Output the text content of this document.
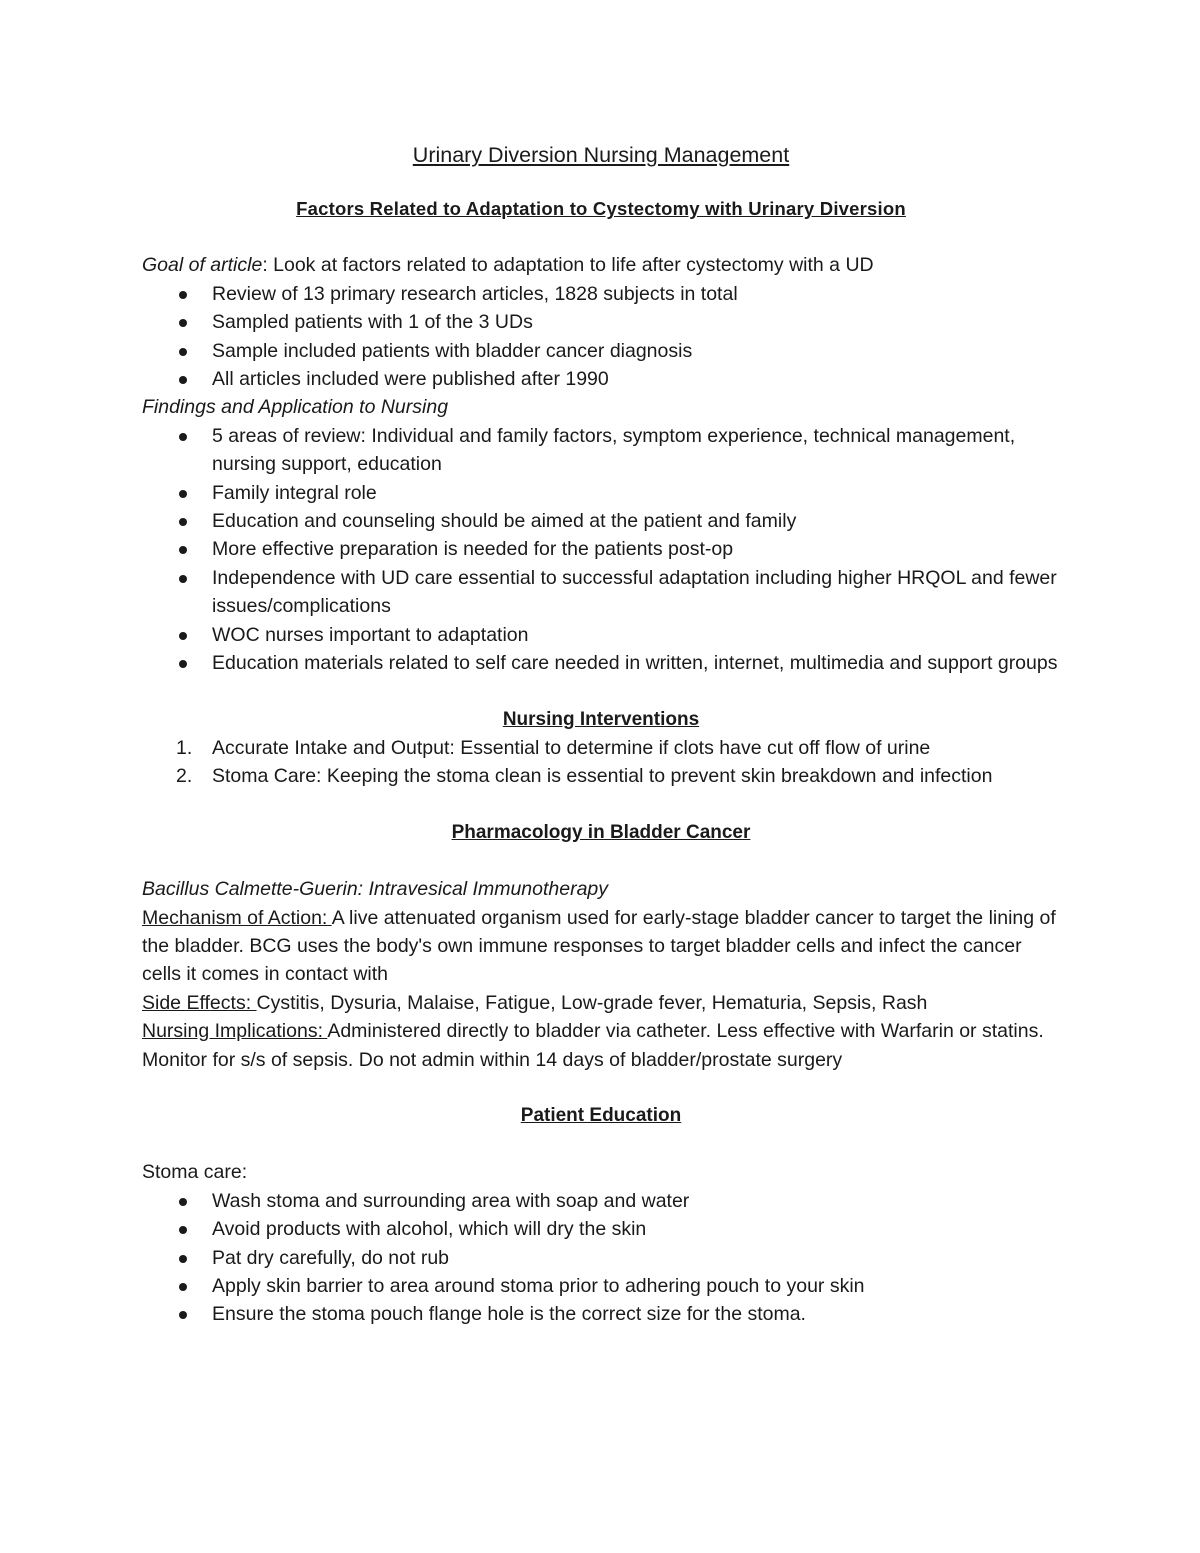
Urinary Diversion Nursing Management
Factors Related to Adaptation to Cystectomy with Urinary Diversion

Goal of article: Look at factors related to adaptation to life after cystectomy with a UD

Review of 13 primary research articles, 1828 subjects in total
Sampled patients with 1 of the 3 UDs
Sample included patients with bladder cancer diagnosis
All articles included were published after 1990

Findings and Application to Nursing

5 areas of review: Individual and family factors, symptom experience, technical management, nursing support, education
Family integral role
Education and counseling should be aimed at the patient and family
More effective preparation is needed for the patients post-op
Independence with UD care essential to successful adaptation including higher HRQOL and fewer issues/complications
WOC nurses important to adaptation
Education materials related to self care needed in written, internet, multimedia and support groups
Nursing Interventions
1. Accurate Intake and Output: Essential to determine if clots have cut off flow of urine
2. Stoma Care: Keeping the stoma clean is essential to prevent skin breakdown and infection
Pharmacology in Bladder Cancer

Bacillus Calmette-Guerin: Intravesical Immunotherapy

Mechanism of Action: A live attenuated organism used for early-stage bladder cancer to target the lining of the bladder. BCG uses the body's own immune responses to target bladder cells and infect the cancer cells it comes in contact with

Side Effects: Cystitis, Dysuria, Malaise, Fatigue, Low-grade fever, Hematuria, Sepsis, Rash

Nursing Implications: Administered directly to bladder via catheter. Less effective with Warfarin or statins. Monitor for s/s of sepsis. Do not admin within 14 days of bladder/prostate surgery

Patient Education

Stoma care:

Wash stoma and surrounding area with soap and water
Avoid products with alcohol, which will dry the skin
Pat dry carefully, do not rub
Apply skin barrier to area around stoma prior to adhering pouch to your skin
Ensure the stoma pouch flange hole is the correct size for the stoma.
